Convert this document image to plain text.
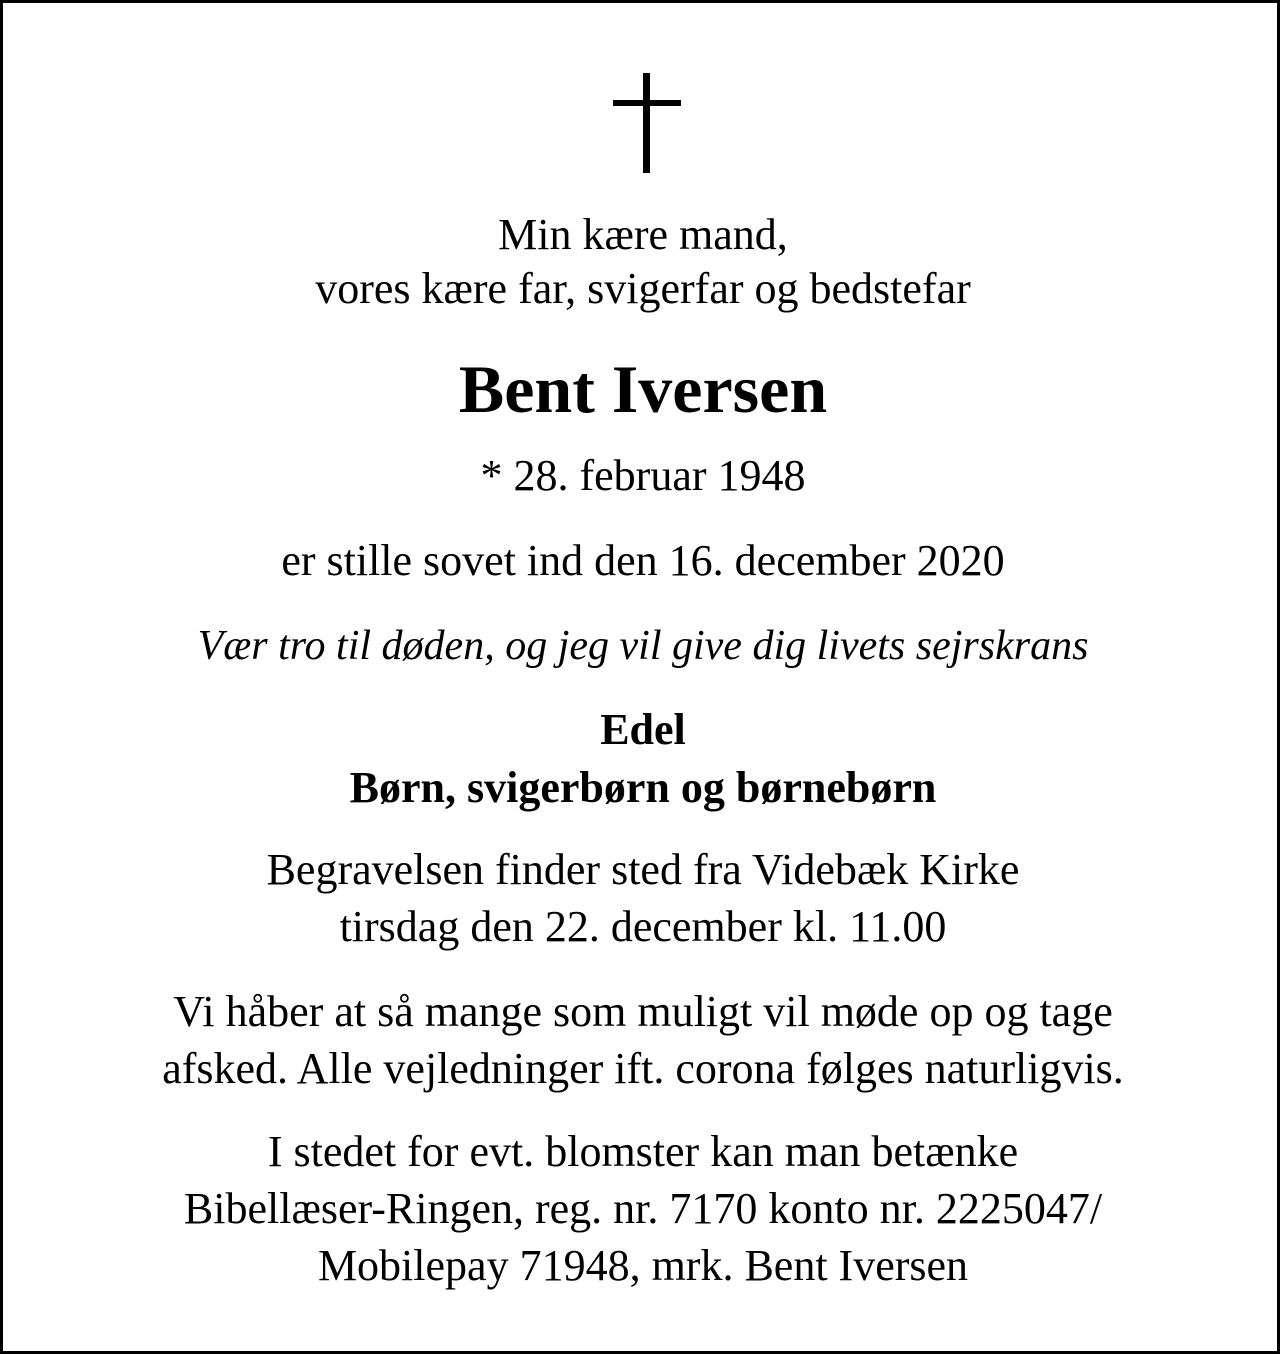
Min kære mand,
vores kære far, svigerfar og bedstefar
Bent Iversen
* 28. februar 1948
er stille sovet ind den 16. december 2020
Vær tro til døden, og jeg vil give dig livets sejrskrans
Edel
Børn, svigerbørn og børnebørn
Begravelsen finder sted fra Videbæk Kirke
tirsdag den 22. december kl. 11.00
Vi håber at så mange som muligt vil møde op og tage
afsked. Alle vejledninger ift. corona følges naturligvis.
I stedet for evt. blomster kan man betænke
Bibellæser-Ringen, reg. nr. 7170 konto nr. 2225047/
Mobilepay 71948, mrk. Bent Iversen
